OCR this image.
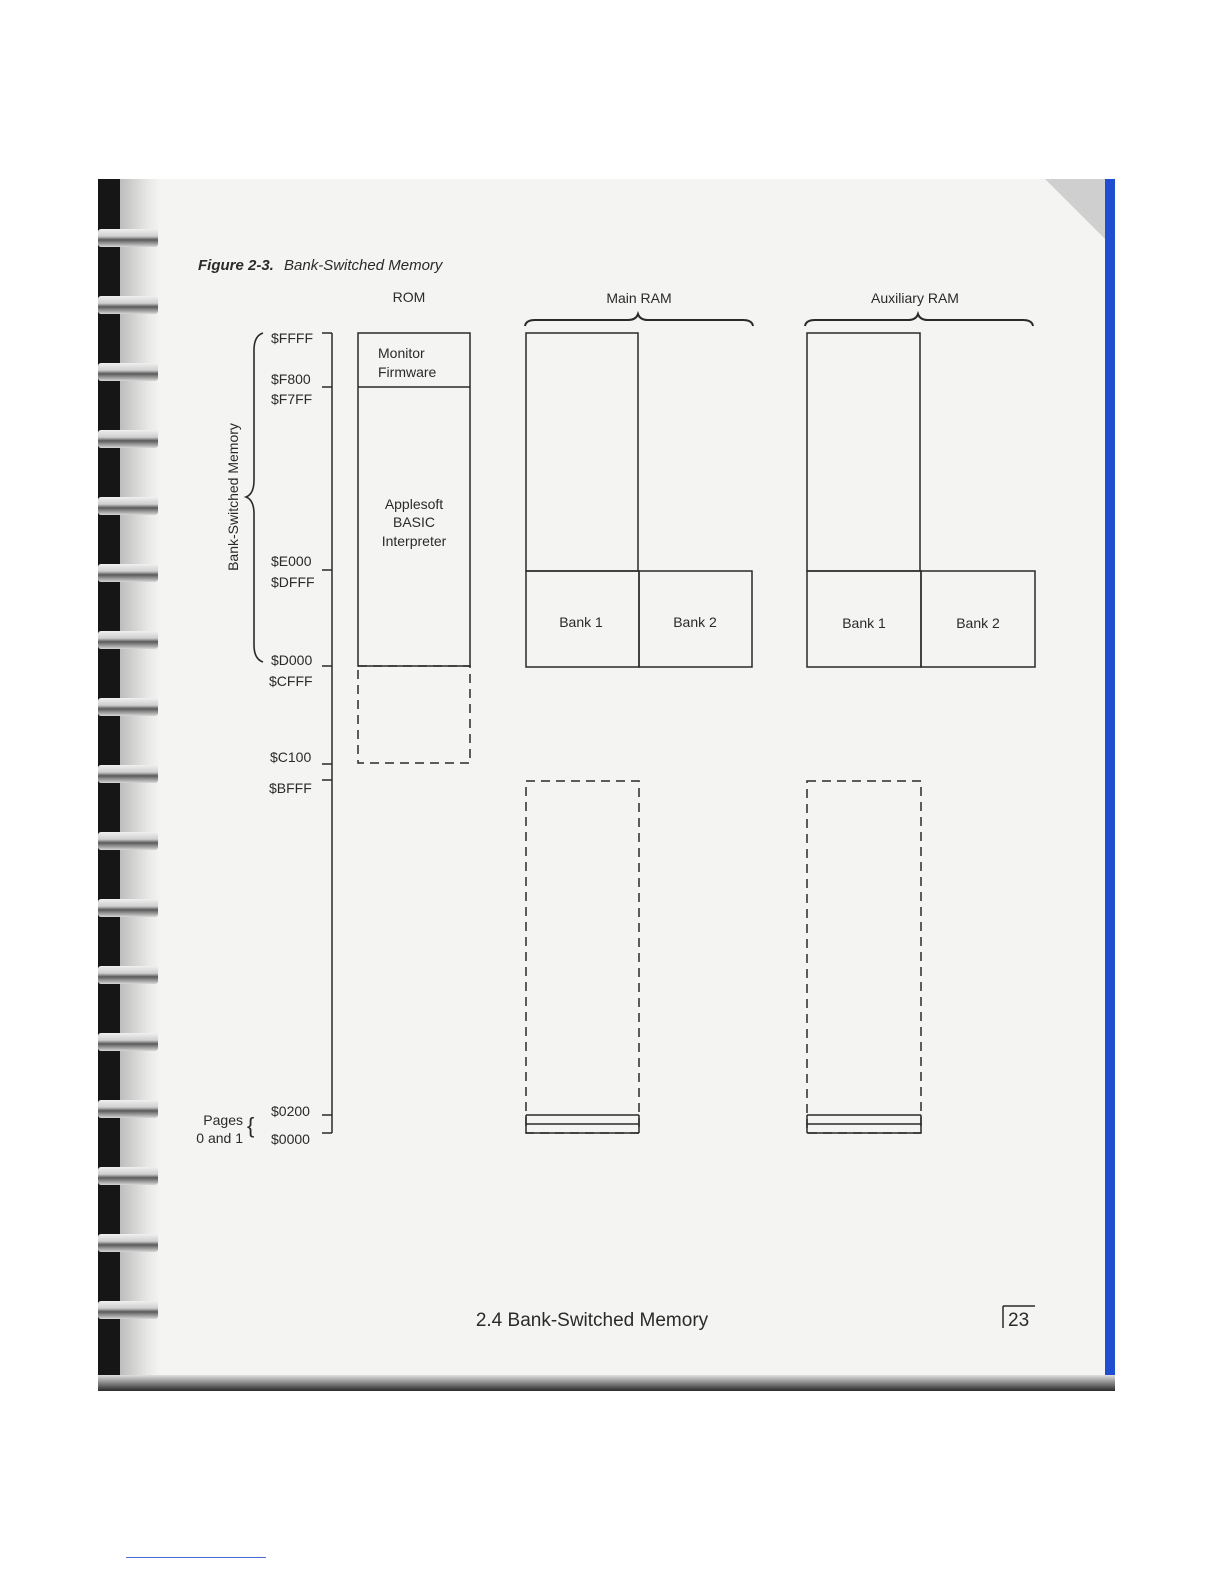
Figure 2-3. Bank-Switched Memory
ROM	Main RAM	Auxiliary RAM
Bank-Switched Memory
$FFFF
$F800
$F7FF
$E000
$DFFF
$D000
$CFFF
$C100
$BFFF
$0200
$0000
Pages
0 and 1 {
Monitor
Firmware
Applesoft
BASIC
Interpreter
Bank 1	Bank 2	Bank 1	Bank 2
2.4 Bank-Switched Memory	23
